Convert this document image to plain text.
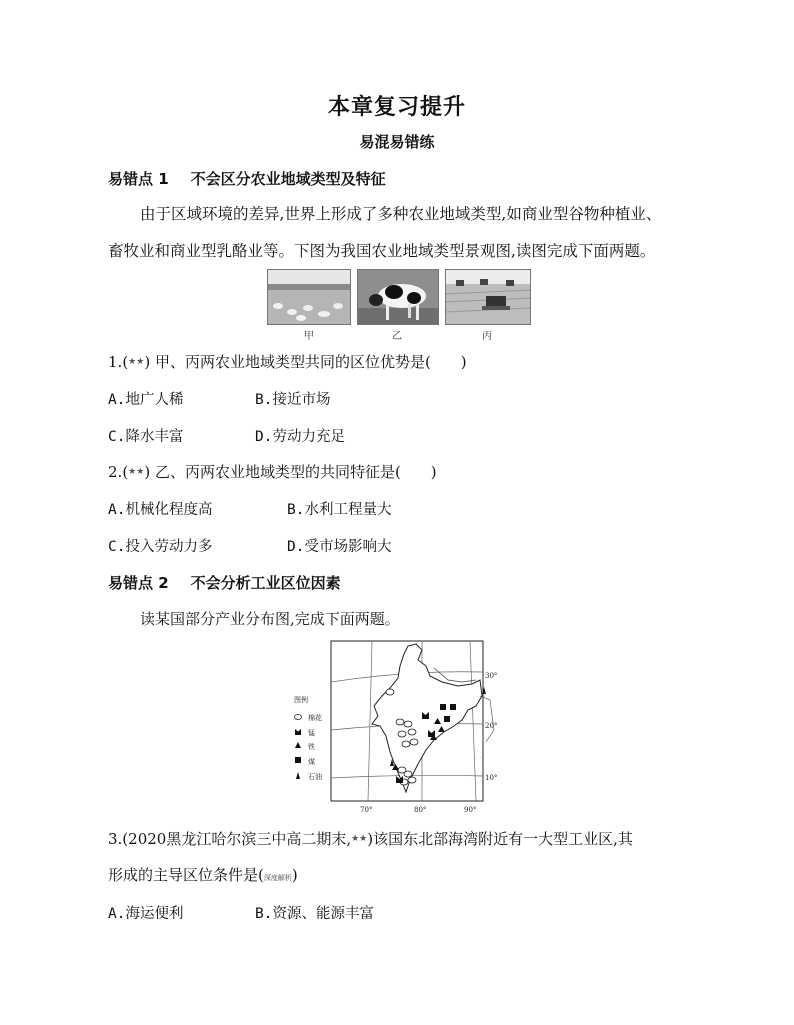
本章复习提升
易混易错练
易错点 1 不会区分农业地域类型及特征
由于区域环境的差异,世界上形成了多种农业地域类型,如商业型谷物种植业、
畜牧业和商业型乳酪业等。下图为我国农业地域类型景观图,读图完成下面两题。
甲	乙	丙
1.(★★) 甲、丙两农业地域类型共同的区位优势是(　　)
A.地广人稀	B.接近市场
C.降水丰富	D.劳动力充足
2.(★★) 乙、丙两农业地域类型的共同特征是(　　)
A.机械化程度高	B.水利工程量大
C.投入劳动力多	D.受市场影响大
易错点 2 不会分析工业区位因素
读某国部分产业分布图,完成下面两题。
.
:
图例
棉花
锰
铁
煤
石油
30°
20°
10°
70°	80°	90°
3.(2020黑龙江哈尔滨三中高二期末,★★)该国东北部海湾附近有一大型工业区,其
形成的主导区位条件是(深度解析)
A.海运便利	B.资源、能源丰富
